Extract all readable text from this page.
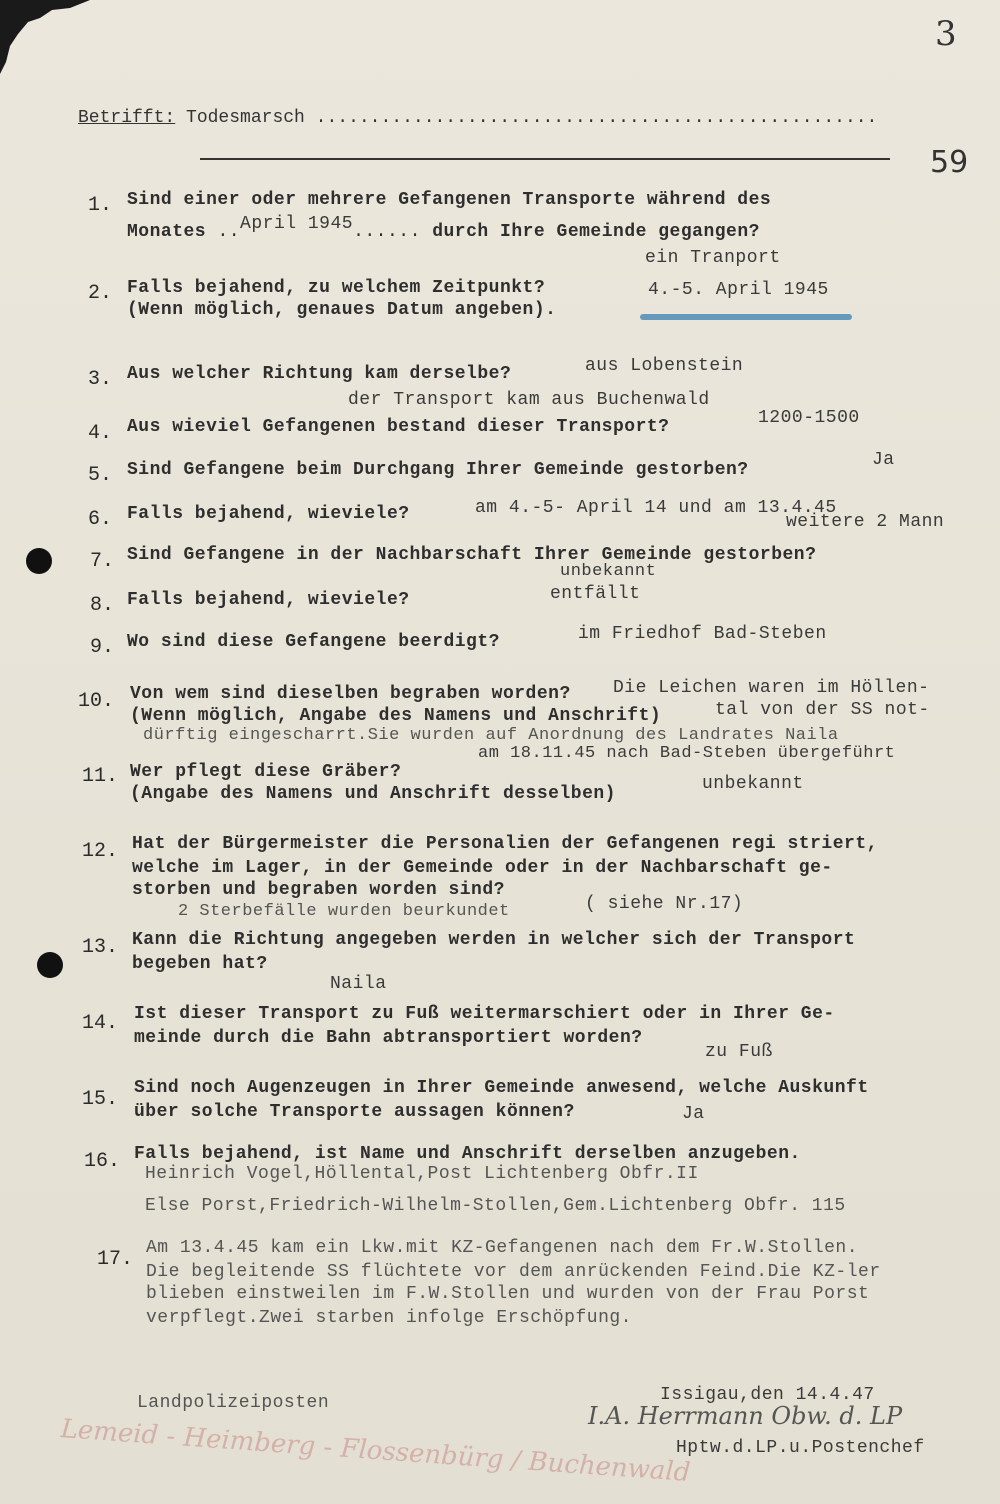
3
59
Betrifft: Todesmarsch ....................................................
1. Sind einer oder mehrere Gefangenen Transporte während des
Monates ..April 1945...... durch Ihre Gemeinde gegangen?
ein Tranport
2. Falls bejahend, zu welchem Zeitpunkt?
(Wenn möglich, genaues Datum angeben).
4.-5. April 1945
aus Lobenstein
3. Aus welcher Richtung kam derselbe?
der Transport kam aus Buchenwald
4. Aus wieviel Gefangenen bestand dieser Transport?	1200-1500
Ja
5. Sind Gefangene beim Durchgang Ihrer Gemeinde gestorben?
6. Falls bejahend, wieviele?	am 4.-5- April 14 und am 13.4.45
weitere 2 Mann
7. Sind Gefangene in der Nachbarschaft Ihrer Gemeinde gestorben?
unbekannt
entfällt
8. Falls bejahend, wieviele?
9. Wo sind diese Gefangene beerdigt?	im Friedhof Bad-Steben
10. Von wem sind dieselben begraben worden? Die Leichen waren im Höllen-
(Wenn möglich, Angabe des Namens und Anschrift)	tal von der SS not-
dürftig eingescharrt.Sie wurden auf Anordnung des Landrates Naila
am 18.11.45 nach Bad-Steben übergeführt
11. Wer pflegt diese Gräber?
(Angabe des Namens und Anschrift desselben)	unbekannt
12. Hat der Bürgermeister die Personalien der Gefangenen regi striert,
welche im Lager, in der Gemeinde oder in der Nachbarschaft ge-
storben und begraben worden sind?
2 Sterbefälle wurden beurkundet	( siehe Nr.17)
13. Kann die Richtung angegeben werden in welcher sich der Transport
begeben hat?
Naila
14. Ist dieser Transport zu Fuß weitermarschiert oder in Ihrer Ge-
meinde durch die Bahn abtransportiert worden?
zu Fuß
15. Sind noch Augenzeugen in Ihrer Gemeinde anwesend, welche Auskunft
über solche Transporte aussagen können?	Ja
16. Falls bejahend, ist Name und Anschrift derselben anzugeben.
Heinrich Vogel,Höllental,Post Lichtenberg Obfr.II
Else Porst,Friedrich-Wilhelm-Stollen,Gem.Lichtenberg Obfr. 115
17. Am 13.4.45 kam ein Lkw.mit KZ-Gefangenen nach dem Fr.W.Stollen.
Die begleitende SS flüchtete vor dem anrückenden Feind.Die KZ-ler
blieben einstweilen im F.W.Stollen und wurden von der Frau Porst
verpflegt.Zwei starben infolge Erschöpfung.
Landpolizeiposten	Issigau,den 14.4.47
Lemeid - Heimberg - Flossenbürg / Buchenwald
I.A. Herrmann Obw. d. LP
Hptw.d.LP.u.Postenchef
